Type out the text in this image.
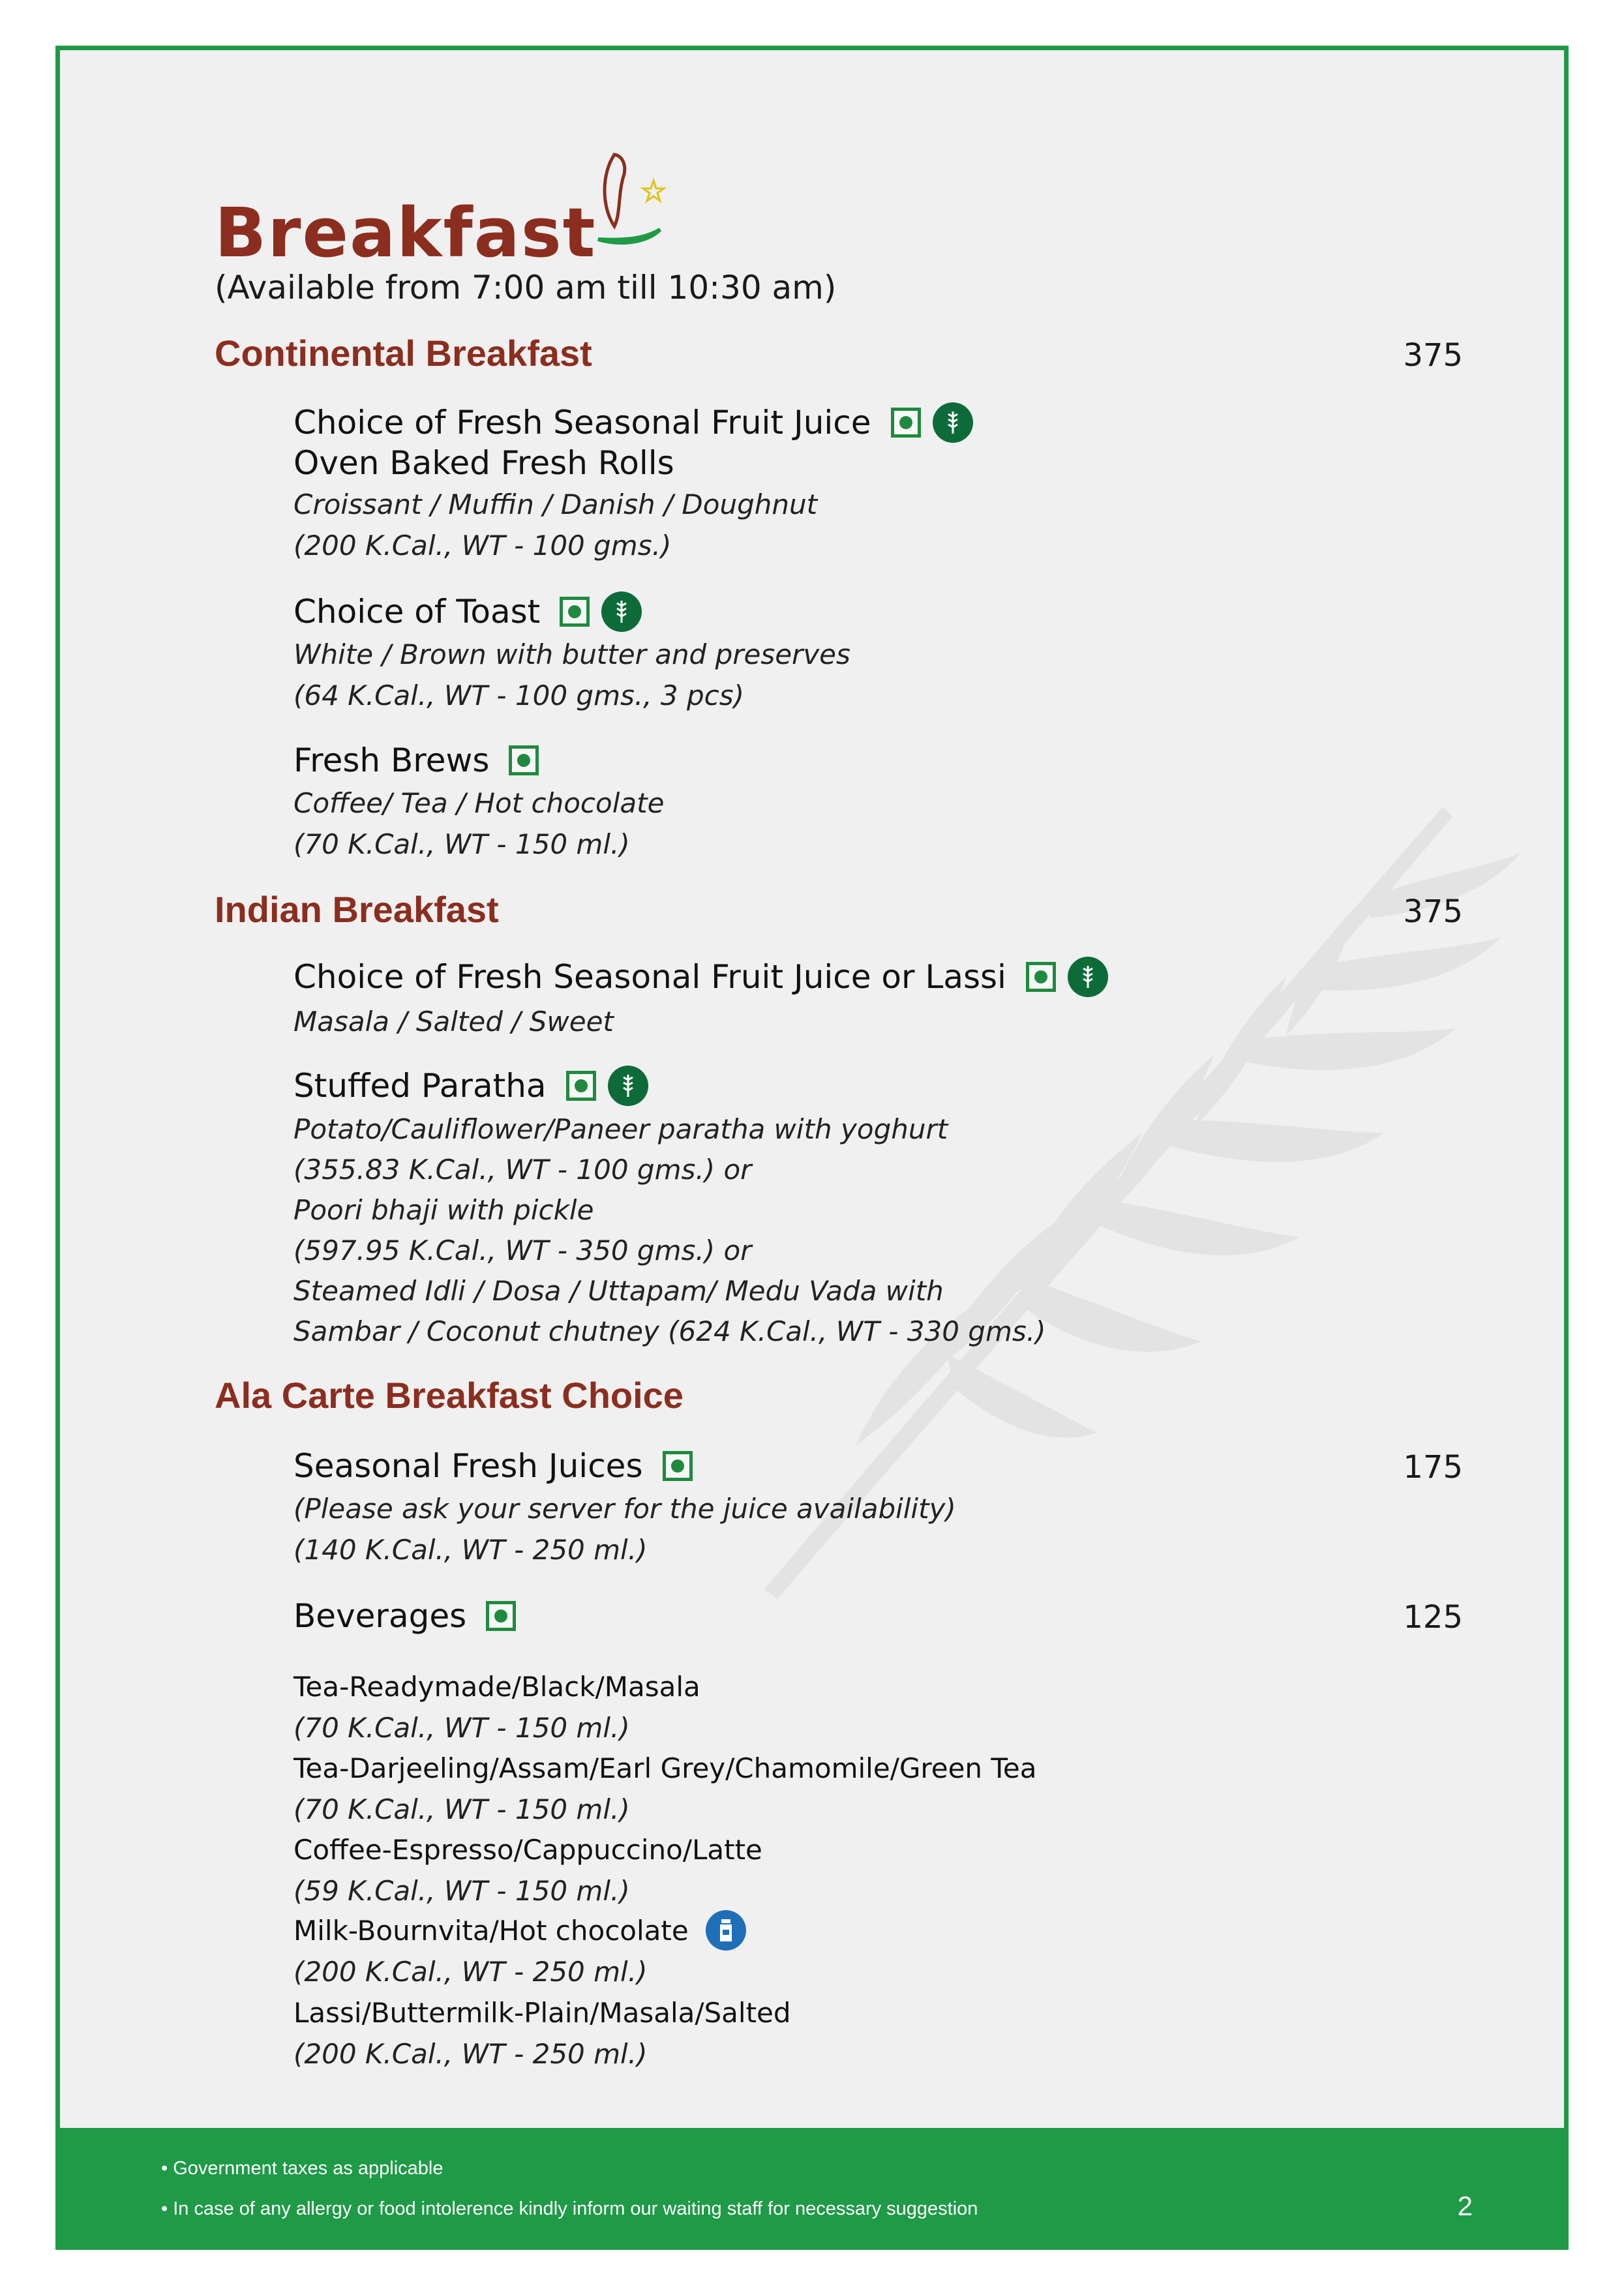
Breakfast
(Available from 7:00 am till 10:30 am)
Continental Breakfast	375
Choice of Fresh Seasonal Fruit Juice
Oven Baked Fresh Rolls
Croissant / Muffin / Danish / Doughnut
(200 K.Cal., WT - 100 gms.)
Choice of Toast
White / Brown with butter and preserves
(64 K.Cal., WT - 100 gms., 3 pcs)
Fresh Brews
Coffee/ Tea / Hot chocolate
(70 K.Cal., WT - 150 ml.)
Indian Breakfast	375
Choice of Fresh Seasonal Fruit Juice or Lassi
Masala / Salted / Sweet
Stuffed Paratha
Potato/Cauliflower/Paneer paratha with yoghurt
(355.83 K.Cal., WT - 100 gms.) or
Poori bhaji with pickle
(597.95 K.Cal., WT - 350 gms.) or
Steamed Idli / Dosa / Uttapam/ Medu Vada with
Sambar / Coconut chutney (624 K.Cal., WT - 330 gms.)
Ala Carte Breakfast Choice
Seasonal Fresh Juices	175
(Please ask your server for the juice availability)
(140 K.Cal., WT - 250 ml.)
Beverages	125
Tea-Readymade/Black/Masala
(70 K.Cal., WT - 150 ml.)
Tea-Darjeeling/Assam/Earl Grey/Chamomile/Green Tea
(70 K.Cal., WT - 150 ml.)
Coffee-Espresso/Cappuccino/Latte
(59 K.Cal., WT - 150 ml.)
Milk-Bournvita/Hot chocolate
(200 K.Cal., WT - 250 ml.)
Lassi/Buttermilk-Plain/Masala/Salted
(200 K.Cal., WT - 250 ml.)
• Government taxes as applicable
• In case of any allergy or food intolerence kindly inform our waiting staff for necessary suggestion	2
